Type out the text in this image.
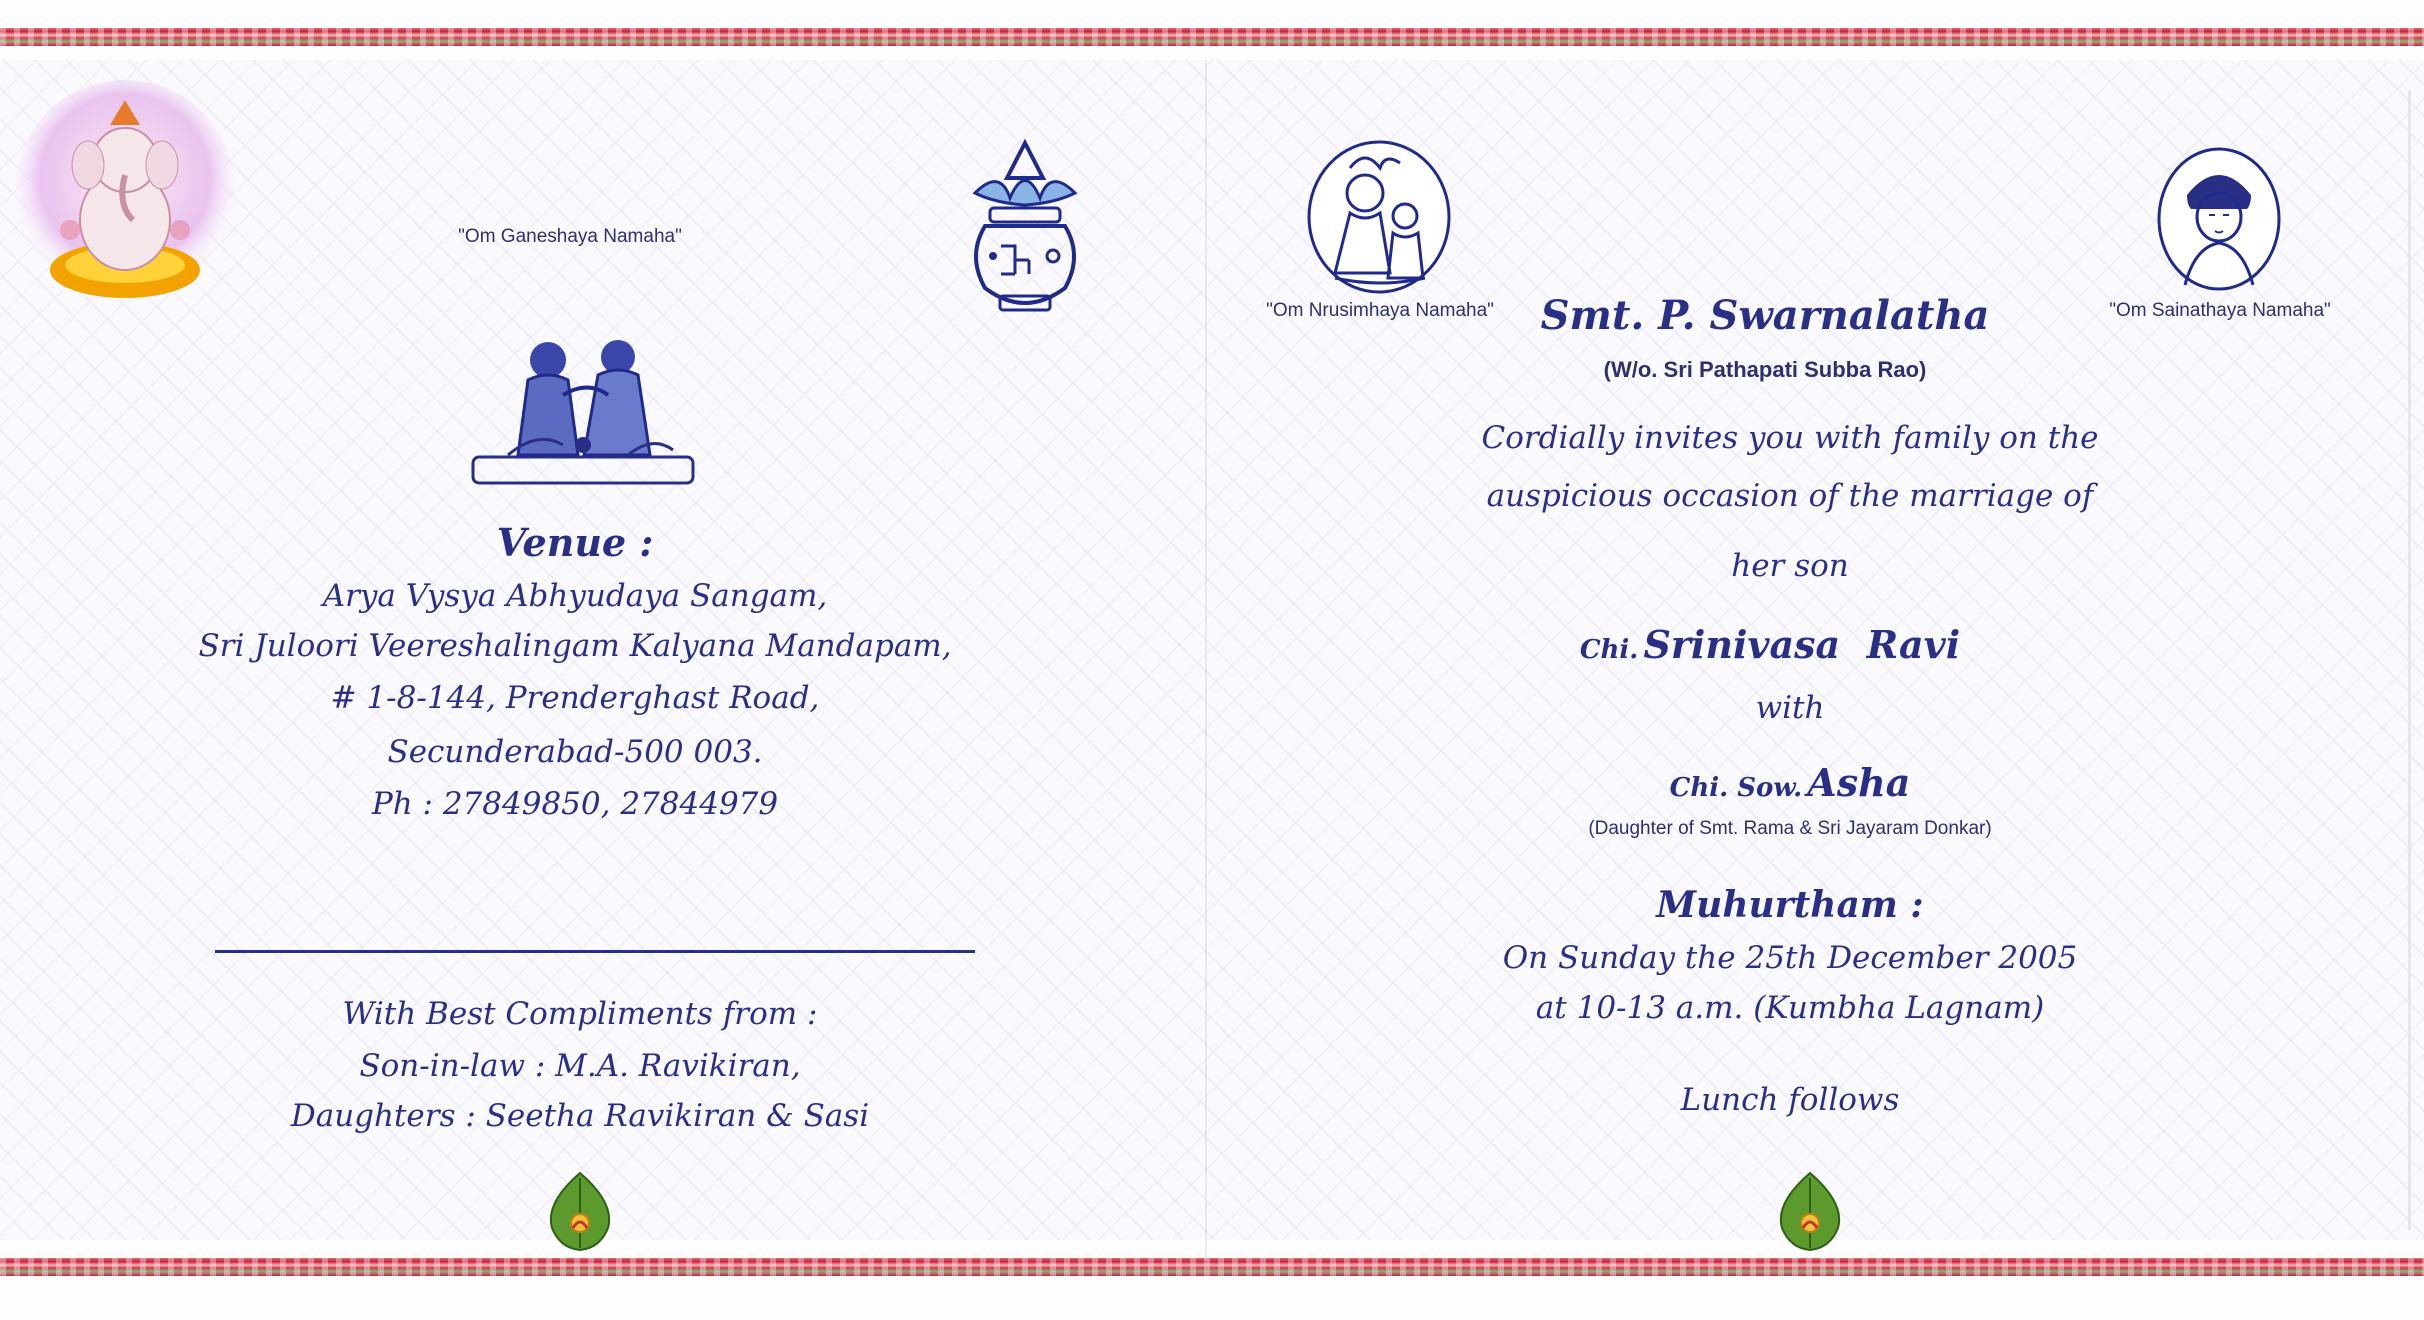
"Om Ganeshaya Namaha"
Venue :
Arya Vysya Abhyudaya Sangam,
Sri Juloori Veereshalingam Kalyana Mandapam,
# 1-8-144, Prenderghast Road,
Secunderabad-500 003.
Ph : 27849850, 27844979
With Best Compliments from :
Son-in-law : M.A. Ravikiran,
Daughters : Seetha Ravikiran & Sasi
"Om Nrusimhaya Namaha"	"Om Sainathaya Namaha"
Smt. P. Swarnalatha
(W/o. Sri Pathapati Subba Rao)
Cordially invites you with family on the
auspicious occasion of the marriage of
her son
Chi. Srinivasa  Ravi
with
Chi. Sow. Asha
(Daughter of Smt. Rama & Sri Jayaram Donkar)
Muhurtham :
On Sunday the 25th December 2005
at 10-13 a.m. (Kumbha Lagnam)
Lunch follows
